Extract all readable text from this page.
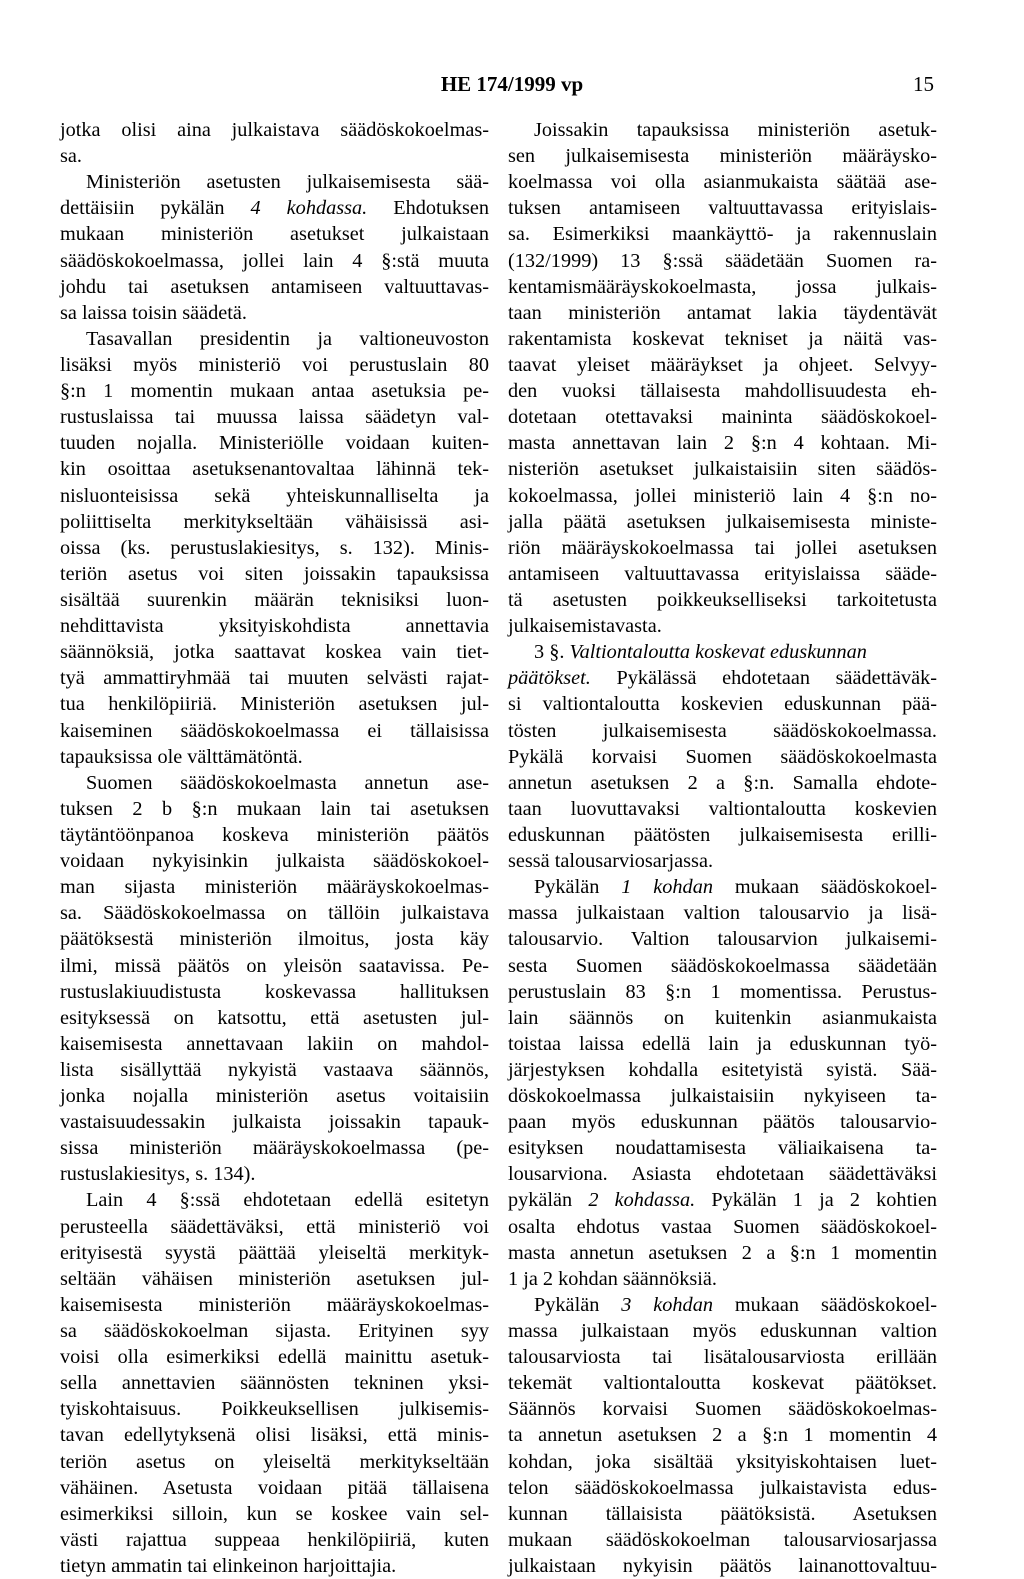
HE 174/1999 vp	15
jotka olisi aina julkaistava säädöskokoelmas-
sa.
Ministeriön asetusten julkaisemisesta sää-
dettäisiin pykälän 4 kohdassa. Ehdotuksen
mukaan ministeriön asetukset julkaistaan
säädöskokoelmassa, jollei lain 4 §:stä muuta
johdu tai asetuksen antamiseen valtuuttavas-
sa laissa toisin säädetä.
Tasavallan presidentin ja valtioneuvoston
lisäksi myös ministeriö voi perustuslain 80
§:n 1 momentin mukaan antaa asetuksia pe-
rustuslaissa tai muussa laissa säädetyn val-
tuuden nojalla. Ministeriölle voidaan kuiten-
kin osoittaa asetuksenantovaltaa lähinnä tek-
nisluonteisissa sekä yhteiskunnalliselta ja
poliittiselta merkitykseltään vähäisissä asi-
oissa (ks. perustuslakiesitys, s. 132). Minis-
teriön asetus voi siten joissakin tapauksissa
sisältää suurenkin määrän teknisiksi luon-
nehdittavista yksityiskohdista annettavia
säännöksiä, jotka saattavat koskea vain tiet-
tyä ammattiryhmää tai muuten selvästi rajat-
tua henkilöpiiriä. Ministeriön asetuksen jul-
kaiseminen säädöskokoelmassa ei tällaisissa
tapauksissa ole välttämätöntä.
Suomen säädöskokoelmasta annetun ase-
tuksen 2 b §:n mukaan lain tai asetuksen
täytäntöönpanoa koskeva ministeriön päätös
voidaan nykyisinkin julkaista säädöskokoel-
man sijasta ministeriön määräyskokoelmas-
sa. Säädöskokoelmassa on tällöin julkaistava
päätöksestä ministeriön ilmoitus, josta käy
ilmi, missä päätös on yleisön saatavissa. Pe-
rustuslakiuudistusta koskevassa hallituksen
esityksessä on katsottu, että asetusten jul-
kaisemisesta annettavaan lakiin on mahdol-
lista sisällyttää nykyistä vastaava säännös,
jonka nojalla ministeriön asetus voitaisiin
vastaisuudessakin julkaista joissakin tapauk-
sissa ministeriön määräyskokoelmassa (pe-
rustuslakiesitys, s. 134).
Lain 4 §:ssä ehdotetaan edellä esitetyn
perusteella säädettäväksi, että ministeriö voi
erityisestä syystä päättää yleiseltä merkityk-
seltään vähäisen ministeriön asetuksen jul-
kaisemisesta ministeriön määräyskokoelmas-
sa säädöskokoelman sijasta. Erityinen syy
voisi olla esimerkiksi edellä mainittu asetuk-
sella annettavien säännösten tekninen yksi-
tyiskohtaisuus. Poikkeuksellisen julkisemis-
tavan edellytyksenä olisi lisäksi, että minis-
teriön asetus on yleiseltä merkitykseltään
vähäinen. Asetusta voidaan pitää tällaisena
esimerkiksi silloin, kun se koskee vain sel-
västi rajattua suppeaa henkilöpiiriä, kuten
tietyn ammatin tai elinkeinon harjoittajia.
Joissakin tapauksissa ministeriön asetuk-
sen julkaisemisesta ministeriön määräysko-
koelmassa voi olla asianmukaista säätää ase-
tuksen antamiseen valtuuttavassa erityislais-
sa. Esimerkiksi maankäyttö- ja rakennuslain
(132/1999) 13 §:ssä säädetään Suomen ra-
kentamismääräyskokoelmasta, jossa julkais-
taan ministeriön antamat lakia täydentävät
rakentamista koskevat tekniset ja näitä vas-
taavat yleiset määräykset ja ohjeet. Selvyy-
den vuoksi tällaisesta mahdollisuudesta eh-
dotetaan otettavaksi maininta säädöskokoel-
masta annettavan lain 2 §:n 4 kohtaan. Mi-
nisteriön asetukset julkaistaisiin siten säädös-
kokoelmassa, jollei ministeriö lain 4 §:n no-
jalla päätä asetuksen julkaisemisesta ministe-
riön määräyskokoelmassa tai jollei asetuksen
antamiseen valtuuttavassa erityislaissa sääde-
tä asetusten poikkeukselliseksi tarkoitetusta
julkaisemistavasta.
3 §. Valtiontaloutta koskevat eduskunnan
päätökset. Pykälässä ehdotetaan säädettäväk-
si valtiontaloutta koskevien eduskunnan pää-
tösten julkaisemisesta säädöskokoelmassa.
Pykälä korvaisi Suomen säädöskokoelmasta
annetun asetuksen 2 a §:n. Samalla ehdote-
taan luovuttavaksi valtiontaloutta koskevien
eduskunnan päätösten julkaisemisesta erilli-
sessä talousarviosarjassa.
Pykälän 1 kohdan mukaan säädöskokoel-
massa julkaistaan valtion talousarvio ja lisä-
talousarvio. Valtion talousarvion julkaisemi-
sesta Suomen säädöskokoelmassa säädetään
perustuslain 83 §:n 1 momentissa. Perustus-
lain säännös on kuitenkin asianmukaista
toistaa laissa edellä lain ja eduskunnan työ-
järjestyksen kohdalla esitetyistä syistä. Sää-
döskokoelmassa julkaistaisiin nykyiseen ta-
paan myös eduskunnan päätös talousarvio-
esityksen noudattamisesta väliaikaisena ta-
lousarviona. Asiasta ehdotetaan säädettäväksi
pykälän 2 kohdassa. Pykälän 1 ja 2 kohtien
osalta ehdotus vastaa Suomen säädöskokoel-
masta annetun asetuksen 2 a §:n 1 momentin
1 ja 2 kohdan säännöksiä.
Pykälän 3 kohdan mukaan säädöskokoel-
massa julkaistaan myös eduskunnan valtion
talousarviosta tai lisätalousarviosta erillään
tekemät valtiontaloutta koskevat päätökset.
Säännös korvaisi Suomen säädöskokoelmas-
ta annetun asetuksen 2 a §:n 1 momentin 4
kohdan, joka sisältää yksityiskohtaisen luet-
telon säädöskokoelmassa julkaistavista edus-
kunnan tällaisista päätöksistä. Asetuksen
mukaan säädöskokoelman talousarviosarjassa
julkaistaan nykyisin päätös lainanottovaltuu-
